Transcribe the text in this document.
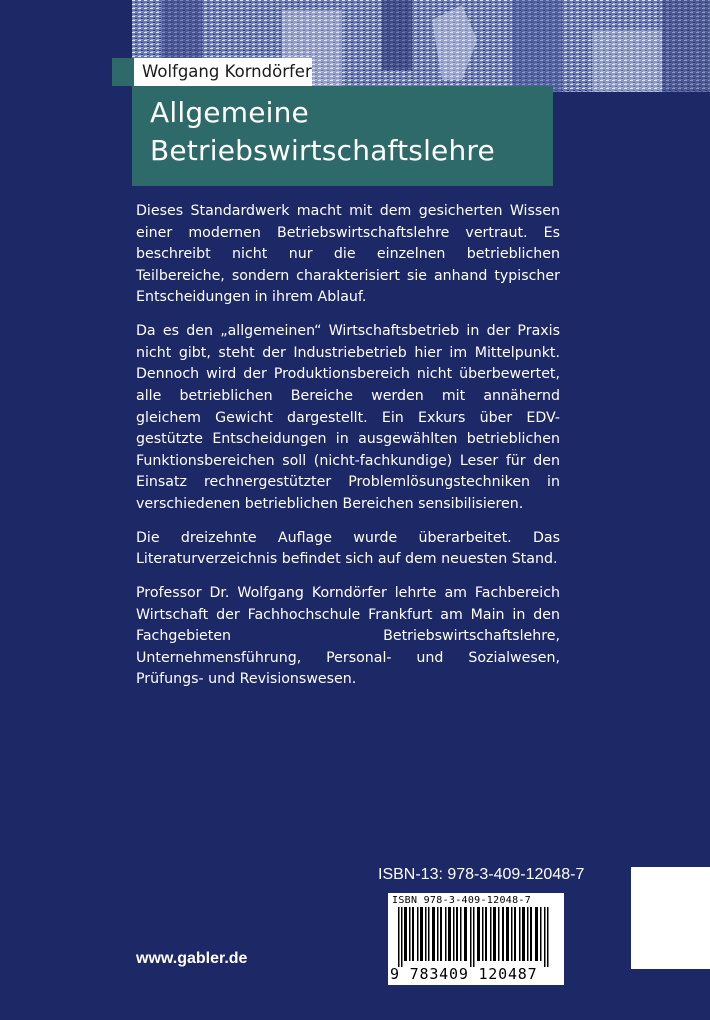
Wolfgang Korndörfer
Allgemeine
Betriebswirtschaftslehre

Dieses Standardwerk macht mit dem gesicherten Wissen einer modernen Betriebswirtschaftslehre vertraut. Es beschreibt nicht nur die einzelnen betrieblichen Teilbereiche, sondern charakterisiert sie anhand typischer Entscheidungen in ihrem Ablauf.

Da es den „allgemeinen“ Wirtschaftsbetrieb in der Praxis nicht gibt, steht der Industriebetrieb hier im Mittelpunkt. Dennoch wird der Produktionsbereich nicht überbewertet, alle betrieblichen Bereiche werden mit annähernd gleichem Gewicht dargestellt. Ein Exkurs über EDV-gestützte Entscheidungen in ausgewählten betrieblichen Funktionsbereichen soll (nicht-fachkundige) Leser für den Einsatz rechnergestützter Problemlösungstechniken in verschiedenen betrieblichen Bereichen sensibilisieren.

Die dreizehnte Auflage wurde überarbeitet. Das Literaturverzeichnis befindet sich auf dem neuesten Stand.

Professor Dr. Wolfgang Korndörfer lehrte am Fachbereich Wirtschaft der Fachhochschule Frankfurt am Main in den Fachgebieten Betriebswirtschaftslehre, Unternehmensführung, Personal- und Sozialwesen, Prüfungs- und Revisionswesen.

ISBN-13: 978-3-409-12048-7
ISBN 978-3-409-12048-7
9 783409 120487
www.gabler.de
